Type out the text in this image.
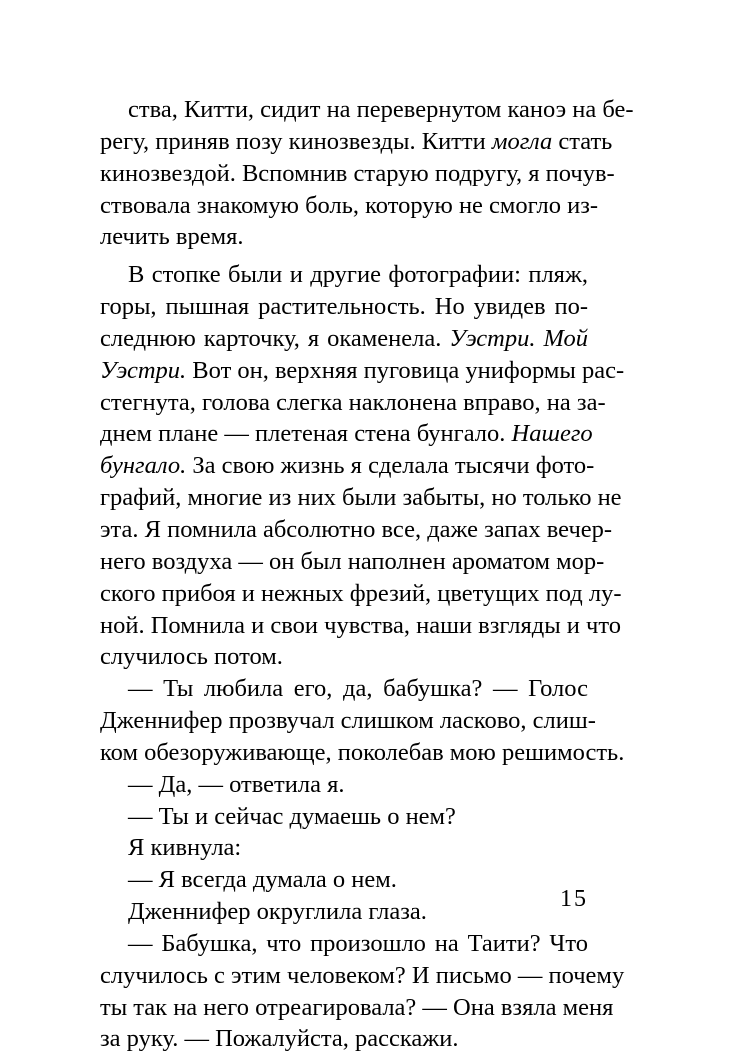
ства, Китти, сидит на перевернутом каноэ на бе-
регу, приняв позу кинозвезды. Китти могла стать
кинозвездой. Вспомнив старую подругу, я почув-
ствовала знакомую боль, которую не смогло из-
лечить время.
В стопке были и другие фотографии: пляж,
горы, пышная растительность. Но увидев по-
следнюю карточку, я окаменела. Уэстри. Мой
Уэстри. Вот он, верхняя пуговица униформы рас-
стегнута, голова слегка наклонена вправо, на за-
днем плане — плетеная стена бунгало. Нашего
бунгало. За свою жизнь я сделала тысячи фото-
графий, многие из них были забыты, но только не
эта. Я помнила абсолютно все, даже запах вечер-
него воздуха — он был наполнен ароматом мор-
ского прибоя и нежных фрезий, цветущих под лу-
ной. Помнила и свои чувства, наши взгляды и что
случилось потом.
— Ты любила его, да, бабушка? — Голос
Дженнифер прозвучал слишком ласково, слиш-
ком обезоруживающе, поколебав мою решимость.
— Да, — ответила я.
— Ты и сейчас думаешь о нем?
Я кивнула:
— Я всегда думала о нем.
Дженнифер округлила глаза.
— Бабушка, что произошло на Таити? Что
случилось с этим человеком? И письмо — почему
ты так на него отреагировала? — Она взяла меня
за руку. — Пожалуйста, расскажи.
15
